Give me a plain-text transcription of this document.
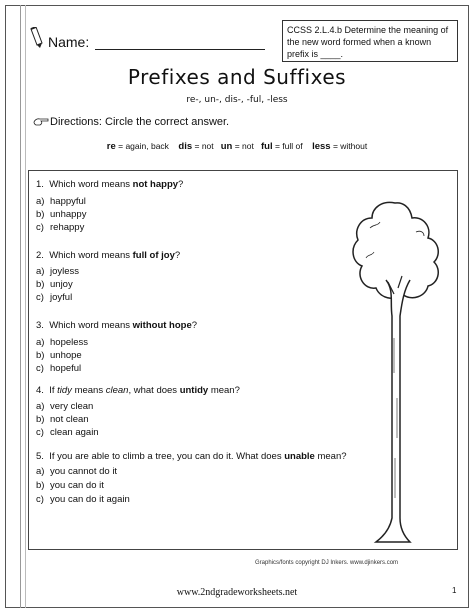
Name:
CCSS 2.L.4.b Determine the meaning of the new word formed when a known prefix is ____.
Prefixes and Suffixes
re-, un-, dis-, -ful, -less
Directions: Circle the correct answer.
re = again, back dis = not un = not ful = full of less = without
1. Which word means not happy?
a) happyful
b) unhappy
c) rehappy
2. Which word means full of joy?
a) joyless
b) unjoy
c) joyful
3. Which word means without hope?
a) hopeless
b) unhope
c) hopeful
4. If tidy means clean, what does untidy mean?
a) very clean
b) not clean
c) clean again
5. If you are able to climb a tree, you can do it. What does unable mean?
a) you cannot do it
b) you can do it
c) you can do it again
Graphics/fonts copyright DJ Inkers. www.djinkers.com
1
www.2ndgradeworksheets.net
